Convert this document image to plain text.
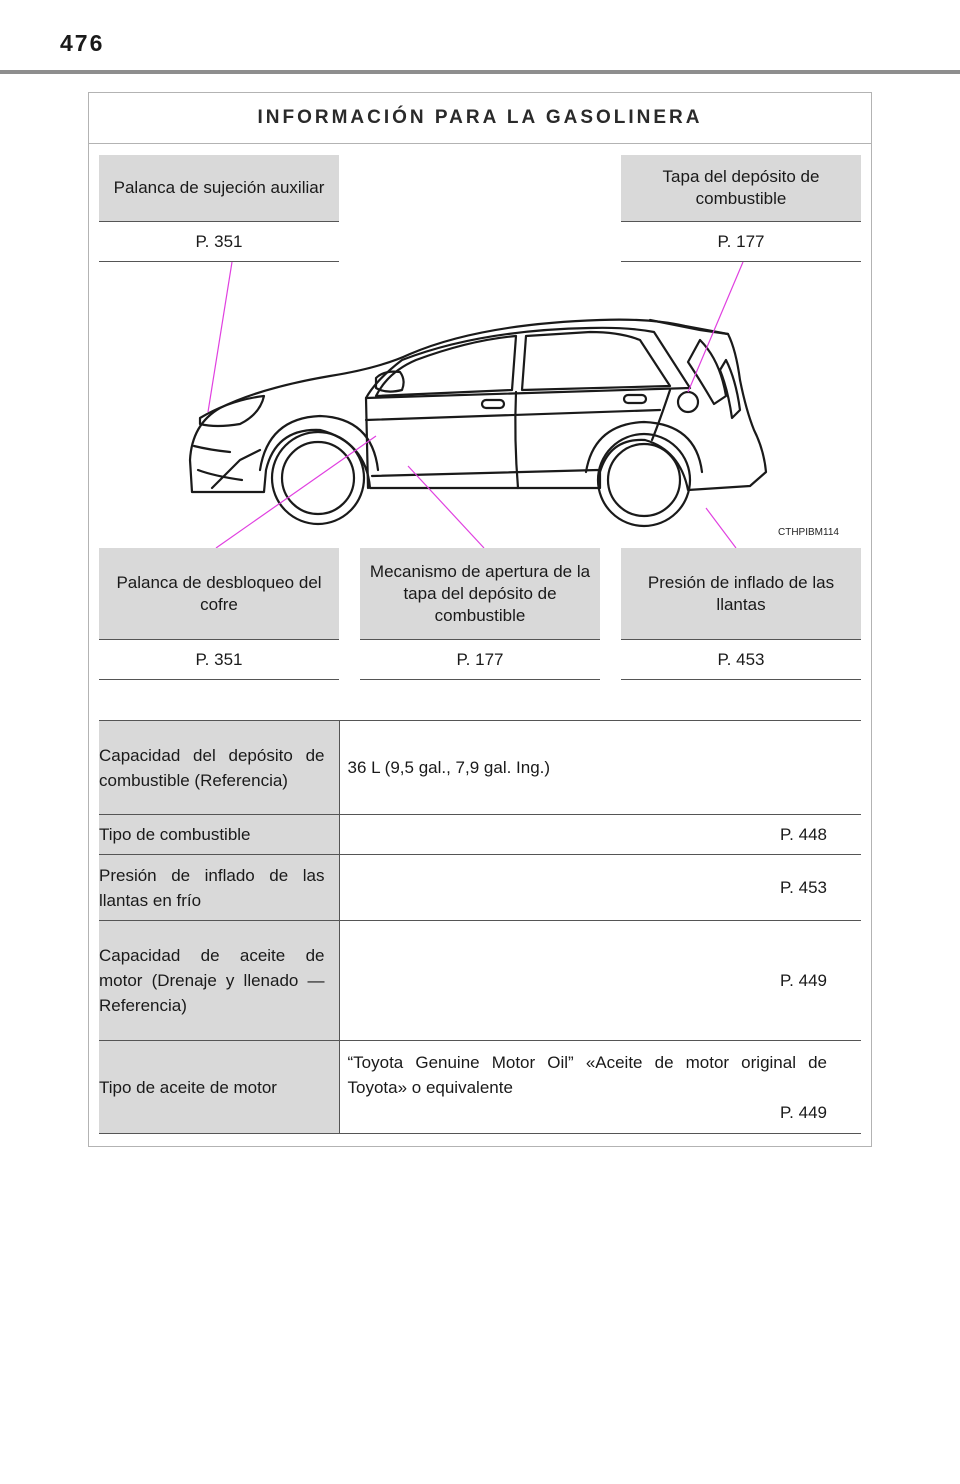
476
INFORMACIÓN PARA LA GASOLINERA
Palanca de sujeción auxiliar
P. 351
Tapa del depósito de combustible
P. 177
CTHPIBM114
Palanca de desbloqueo del cofre
P. 351
Mecanismo de apertura de la tapa del depósito de combustible
P. 177
Presión de inflado de las llantas
P. 453
Capacidad del depósito de combustible (Referencia)	36 L (9,5 gal., 7,9 gal. Ing.)

Tipo de combustible	P. 448

Presión de inflado de las llantas en frío	P. 453

Capacidad de aceite de motor (Drenaje y llenado — Referencia)	P. 449

Tipo de aceite de motor	“Toyota Genuine Motor Oil” «Aceite de motor original de Toyota» o equivalente
P. 449
